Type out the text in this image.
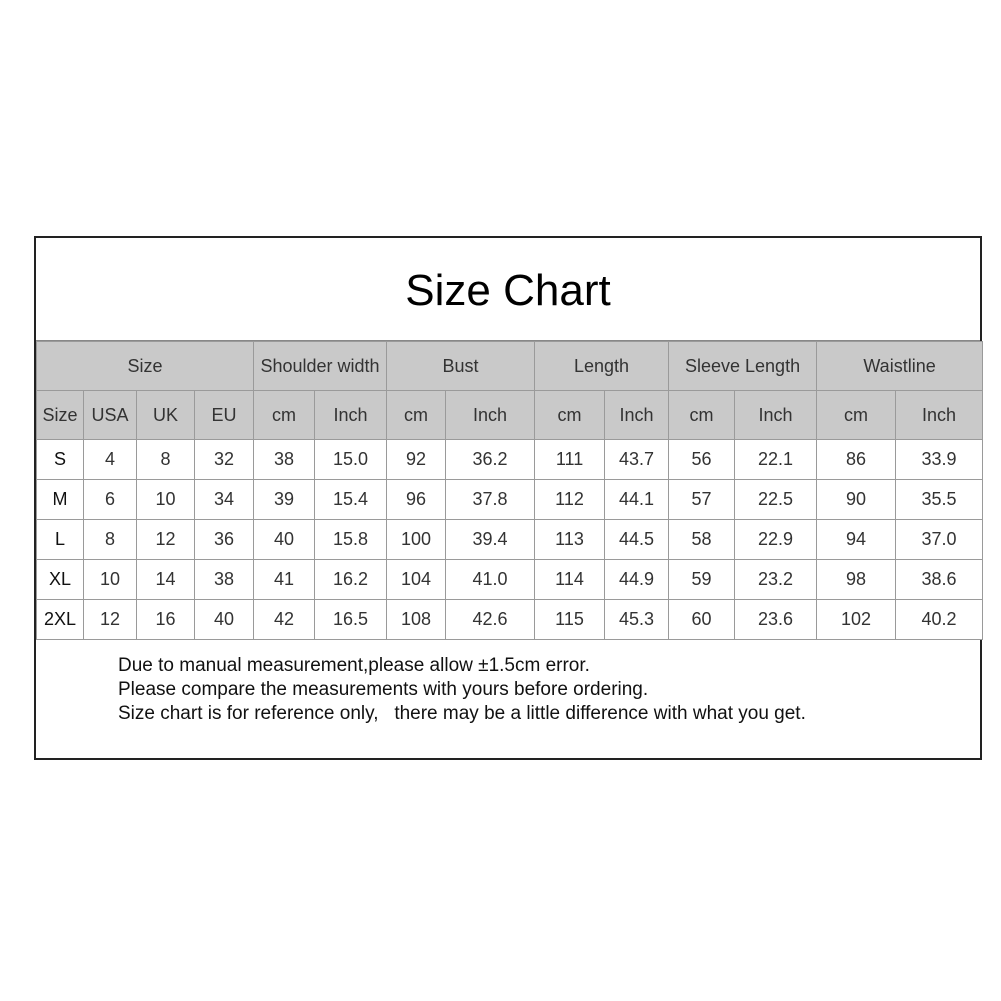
Size Chart
Size				Shoulder width		Bust		Length		Sleeve Length		Waistline	
Size	USA	UK	EU	cm	Inch	cm	Inch	cm	Inch	cm	Inch	cm	Inch
S	4	8	32	38	15.0	92	36.2	111	43.7	56	22.1	86	33.9
M	6	10	34	39	15.4	96	37.8	112	44.1	57	22.5	90	35.5
L	8	12	36	40	15.8	100	39.4	113	44.5	58	22.9	94	37.0
XL	10	14	38	41	16.2	104	41.0	114	44.9	59	23.2	98	38.6
2XL	12	16	40	42	16.5	108	42.6	115	45.3	60	23.6	102	40.2
Due to manual measurement,please allow ±1.5cm error.
Please compare the measurements with yours before ordering.
Size chart is for reference only,   there may be a little difference with what you get.
